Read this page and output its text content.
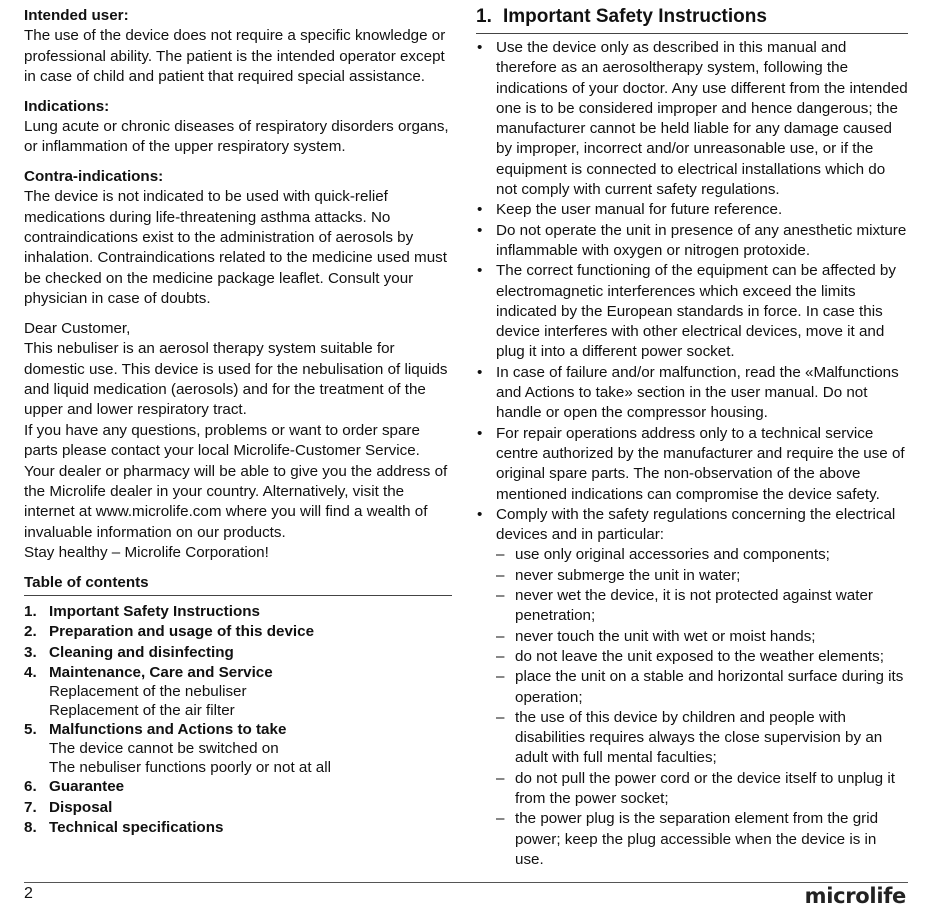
Intended user:

The use of the device does not require a specific knowledge or professional ability. The patient is the intended operator except in case of child and patient that required special assistance.

Indications:

Lung acute or chronic diseases of respiratory disorders organs, or inflammation of the upper respiratory system.

Contra-indications:

The device is not indicated to be used with quick-relief medications during life-threatening asthma attacks. No contraindications exist to the administration of aerosols by inhalation. Contraindications related to the medicine used must be checked on the medicine package leaflet. Consult your physician in case of doubts.

Dear Customer,

This nebuliser is an aerosol therapy system suitable for domestic use. This device is used for the nebulisation of liquids and liquid medication (aerosols) and for the treatment of the upper and lower respiratory tract.

If you have any questions, problems or want to order spare parts please contact your local Microlife-Customer Service. Your dealer or pharmacy will be able to give you the address of the Microlife dealer in your country. Alternatively, visit the internet at www.microlife.com where you will find a wealth of invaluable information on our products.

Stay healthy – Microlife Corporation!

Table of contents

1. Important Safety Instructions
2. Preparation and usage of this device
3. Cleaning and disinfecting
4. Maintenance, Care and Service
Replacement of the nebuliser
Replacement of the air filter
5. Malfunctions and Actions to take
The device cannot be switched on
The nebuliser functions poorly or not at all
6. Guarantee
7. Disposal
8. Technical specifications
1. Important Safety Instructions
• Use the device only as described in this manual and therefore as an aerosoltherapy system, following the indications of your doctor. Any use different from the intended one is to be considered improper and hence dangerous; the manufacturer cannot be held liable for any damage caused by improper, incorrect and/or unreasonable use, or if the equipment is connected to electrical installations which do not comply with current safety regulations.
• Keep the user manual for future reference.
• Do not operate the unit in presence of any anesthetic mixture inflammable with oxygen or nitrogen protoxide.
• The correct functioning of the equipment can be affected by electromagnetic interferences which exceed the limits indicated by the European standards in force. In case this device interferes with other electrical devices, move it and plug it into a different power socket.
• In case of failure and/or malfunction, read the «Malfunctions and Actions to take» section in the user manual. Do not handle or open the compressor housing.
• For repair operations address only to a technical service centre authorized by the manufacturer and require the use of original spare parts. The non-observation of the above mentioned indications can compromise the device safety.
• Comply with the safety regulations concerning the electrical devices and in particular:
– use only original accessories and components;
– never submerge the unit in water;
– never wet the device, it is not protected against water penetration;
– never touch the unit with wet or moist hands;
– do not leave the unit exposed to the weather elements;
– place the unit on a stable and horizontal surface during its operation;
– the use of this device by children and people with disabilities requires always the close supervision by an adult with full mental faculties;
– do not pull the power cord or the device itself to unplug it from the power socket;
– the power plug is the separation element from the grid power; keep the plug accessible when the device is in use.
2	microlife
